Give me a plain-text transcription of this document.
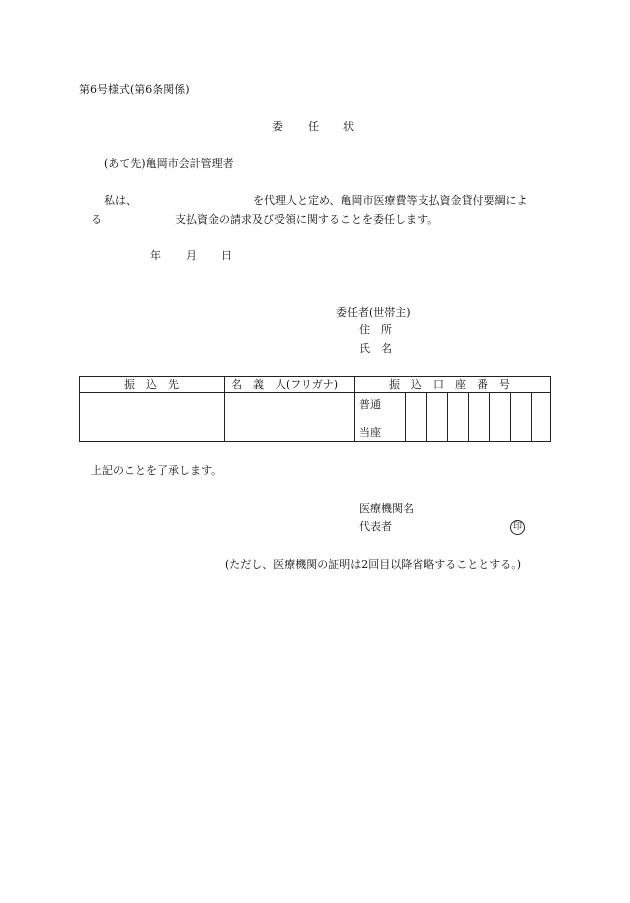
第6号様式(第6条関係)
委 任 状
(あて先)亀岡市会計管理者
私は、	を代理人と定め、亀岡市医療費等支払資金貸付要綱によ
る	支払資金の請求及び受領に関することを委任します。
年 月 日
委任者(世帯主)
住　所
氏　名
振　込　先	名　義　人(フリガナ)	振　込　口　座　番　号
普通
当座
上記のことを了承します。
医療機関名
代表者	印
(ただし、医療機関の証明は2回目以降省略することとする。)
